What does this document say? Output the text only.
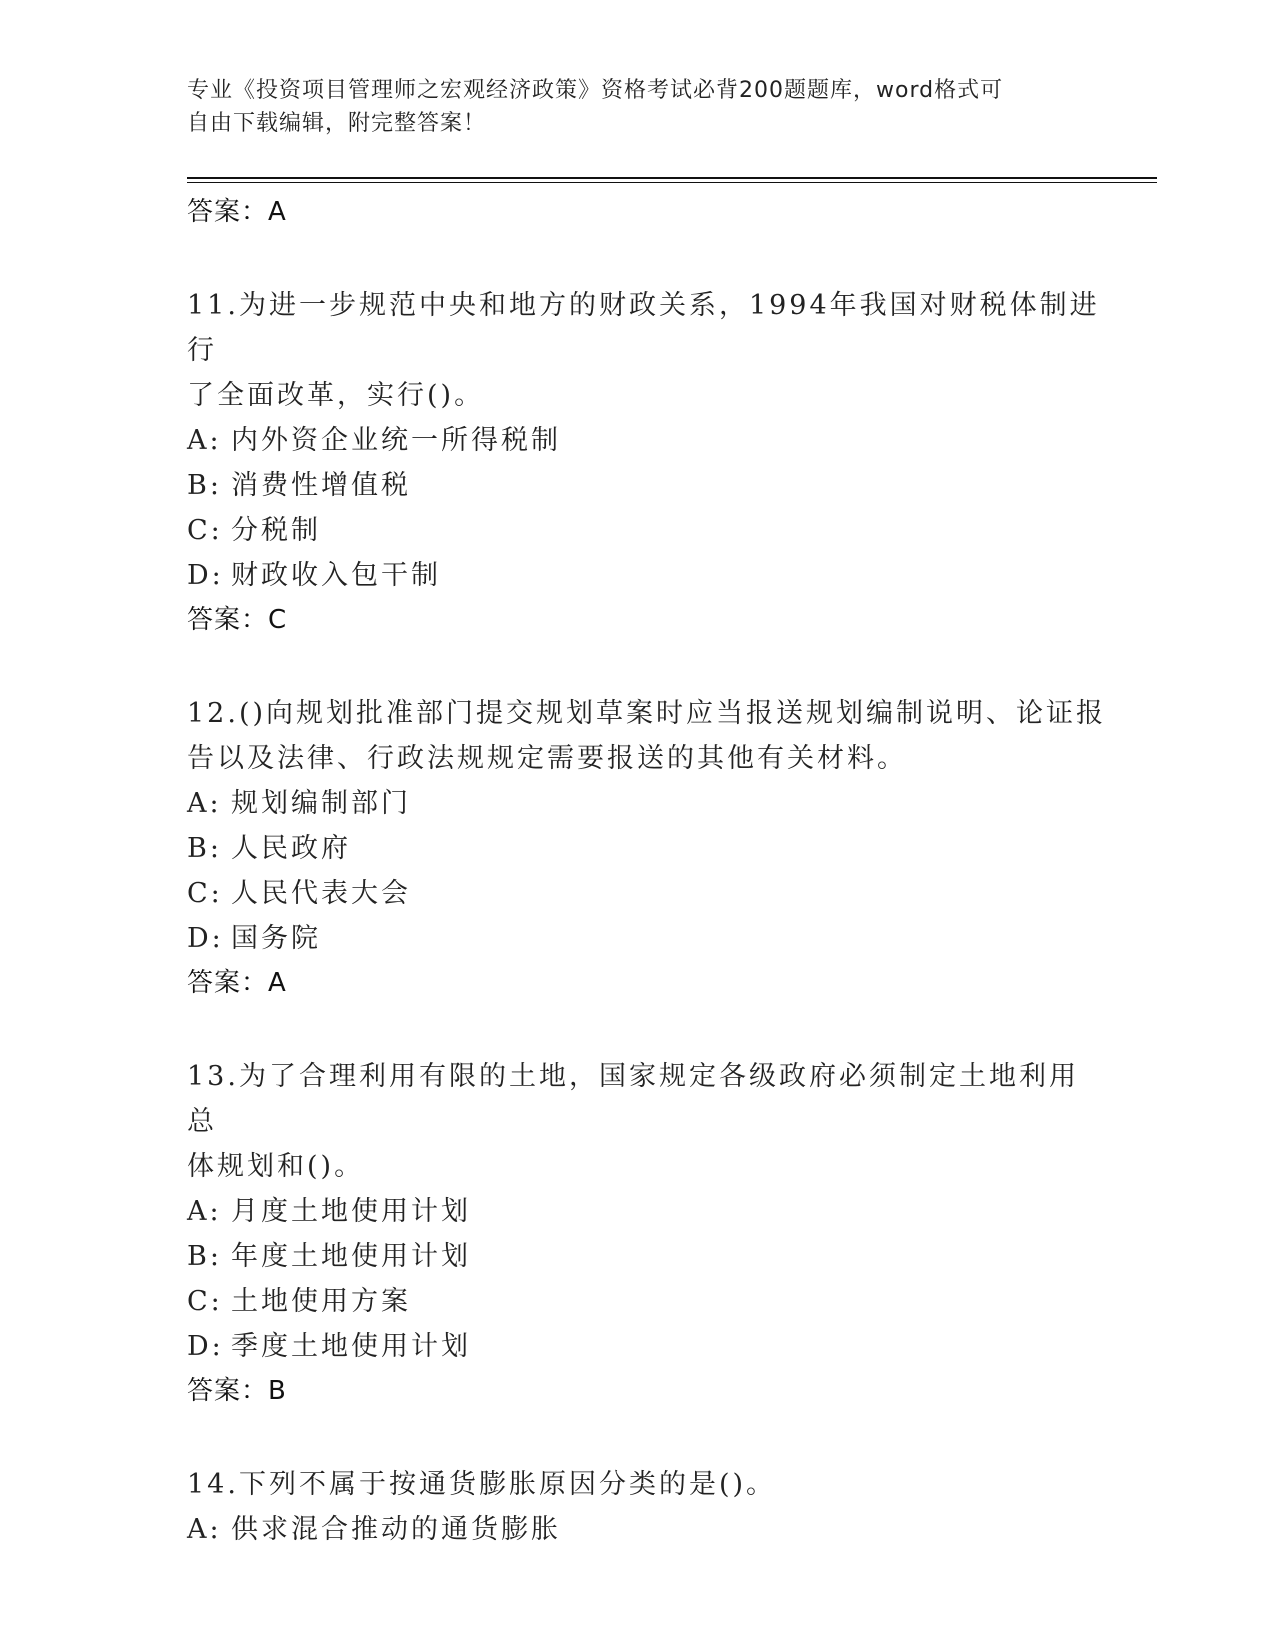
专业《投资项目管理师之宏观经济政策》资格考试必背200题题库，word格式可
自由下载编辑，附完整答案！
答案：A
11.为进一步规范中央和地方的财政关系，1994年我国对财税体制进行
了全面改革，实行()。
A: 内外资企业统一所得税制
B: 消费性增值税
C: 分税制
D: 财政收入包干制
答案：C
12.()向规划批准部门提交规划草案时应当报送规划编制说明、论证报
告以及法律、行政法规规定需要报送的其他有关材料。
A: 规划编制部门
B: 人民政府
C: 人民代表大会
D: 国务院
答案：A
13.为了合理利用有限的土地，国家规定各级政府必须制定土地利用总
体规划和()。
A: 月度土地使用计划
B: 年度土地使用计划
C: 土地使用方案
D: 季度土地使用计划
答案：B
14.下列不属于按通货膨胀原因分类的是()。
A: 供求混合推动的通货膨胀
